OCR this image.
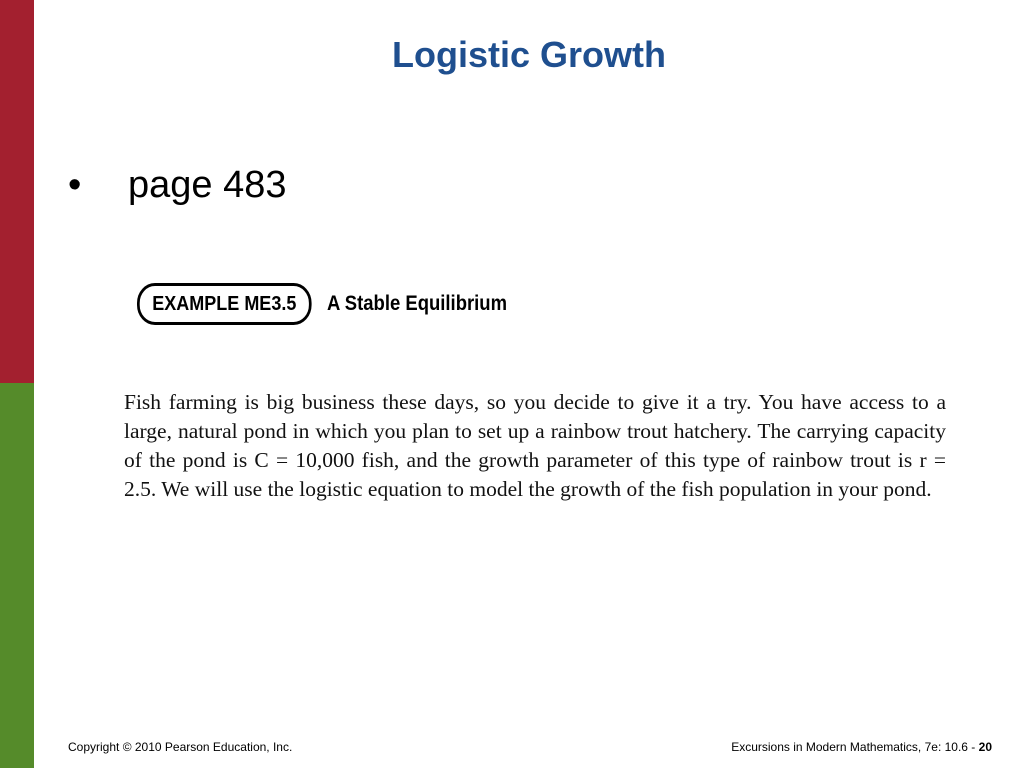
Logistic Growth
•	page 483
EXAMPLE ME3.5 A Stable Equilibrium
Fish farming is big business these days, so you decide to give it a try. You have access to a large, natural pond in which you plan to set up a rainbow trout hatchery. The carrying capacity of the pond is C = 10,000 fish, and the growth parameter of this type of rainbow trout is r = 2.5. We will use the logistic equation to model the growth of the fish population in your pond.
Copyright © 2010 Pearson Education, Inc.	Excursions in Modern Mathematics, 7e: 10.6 - 20
